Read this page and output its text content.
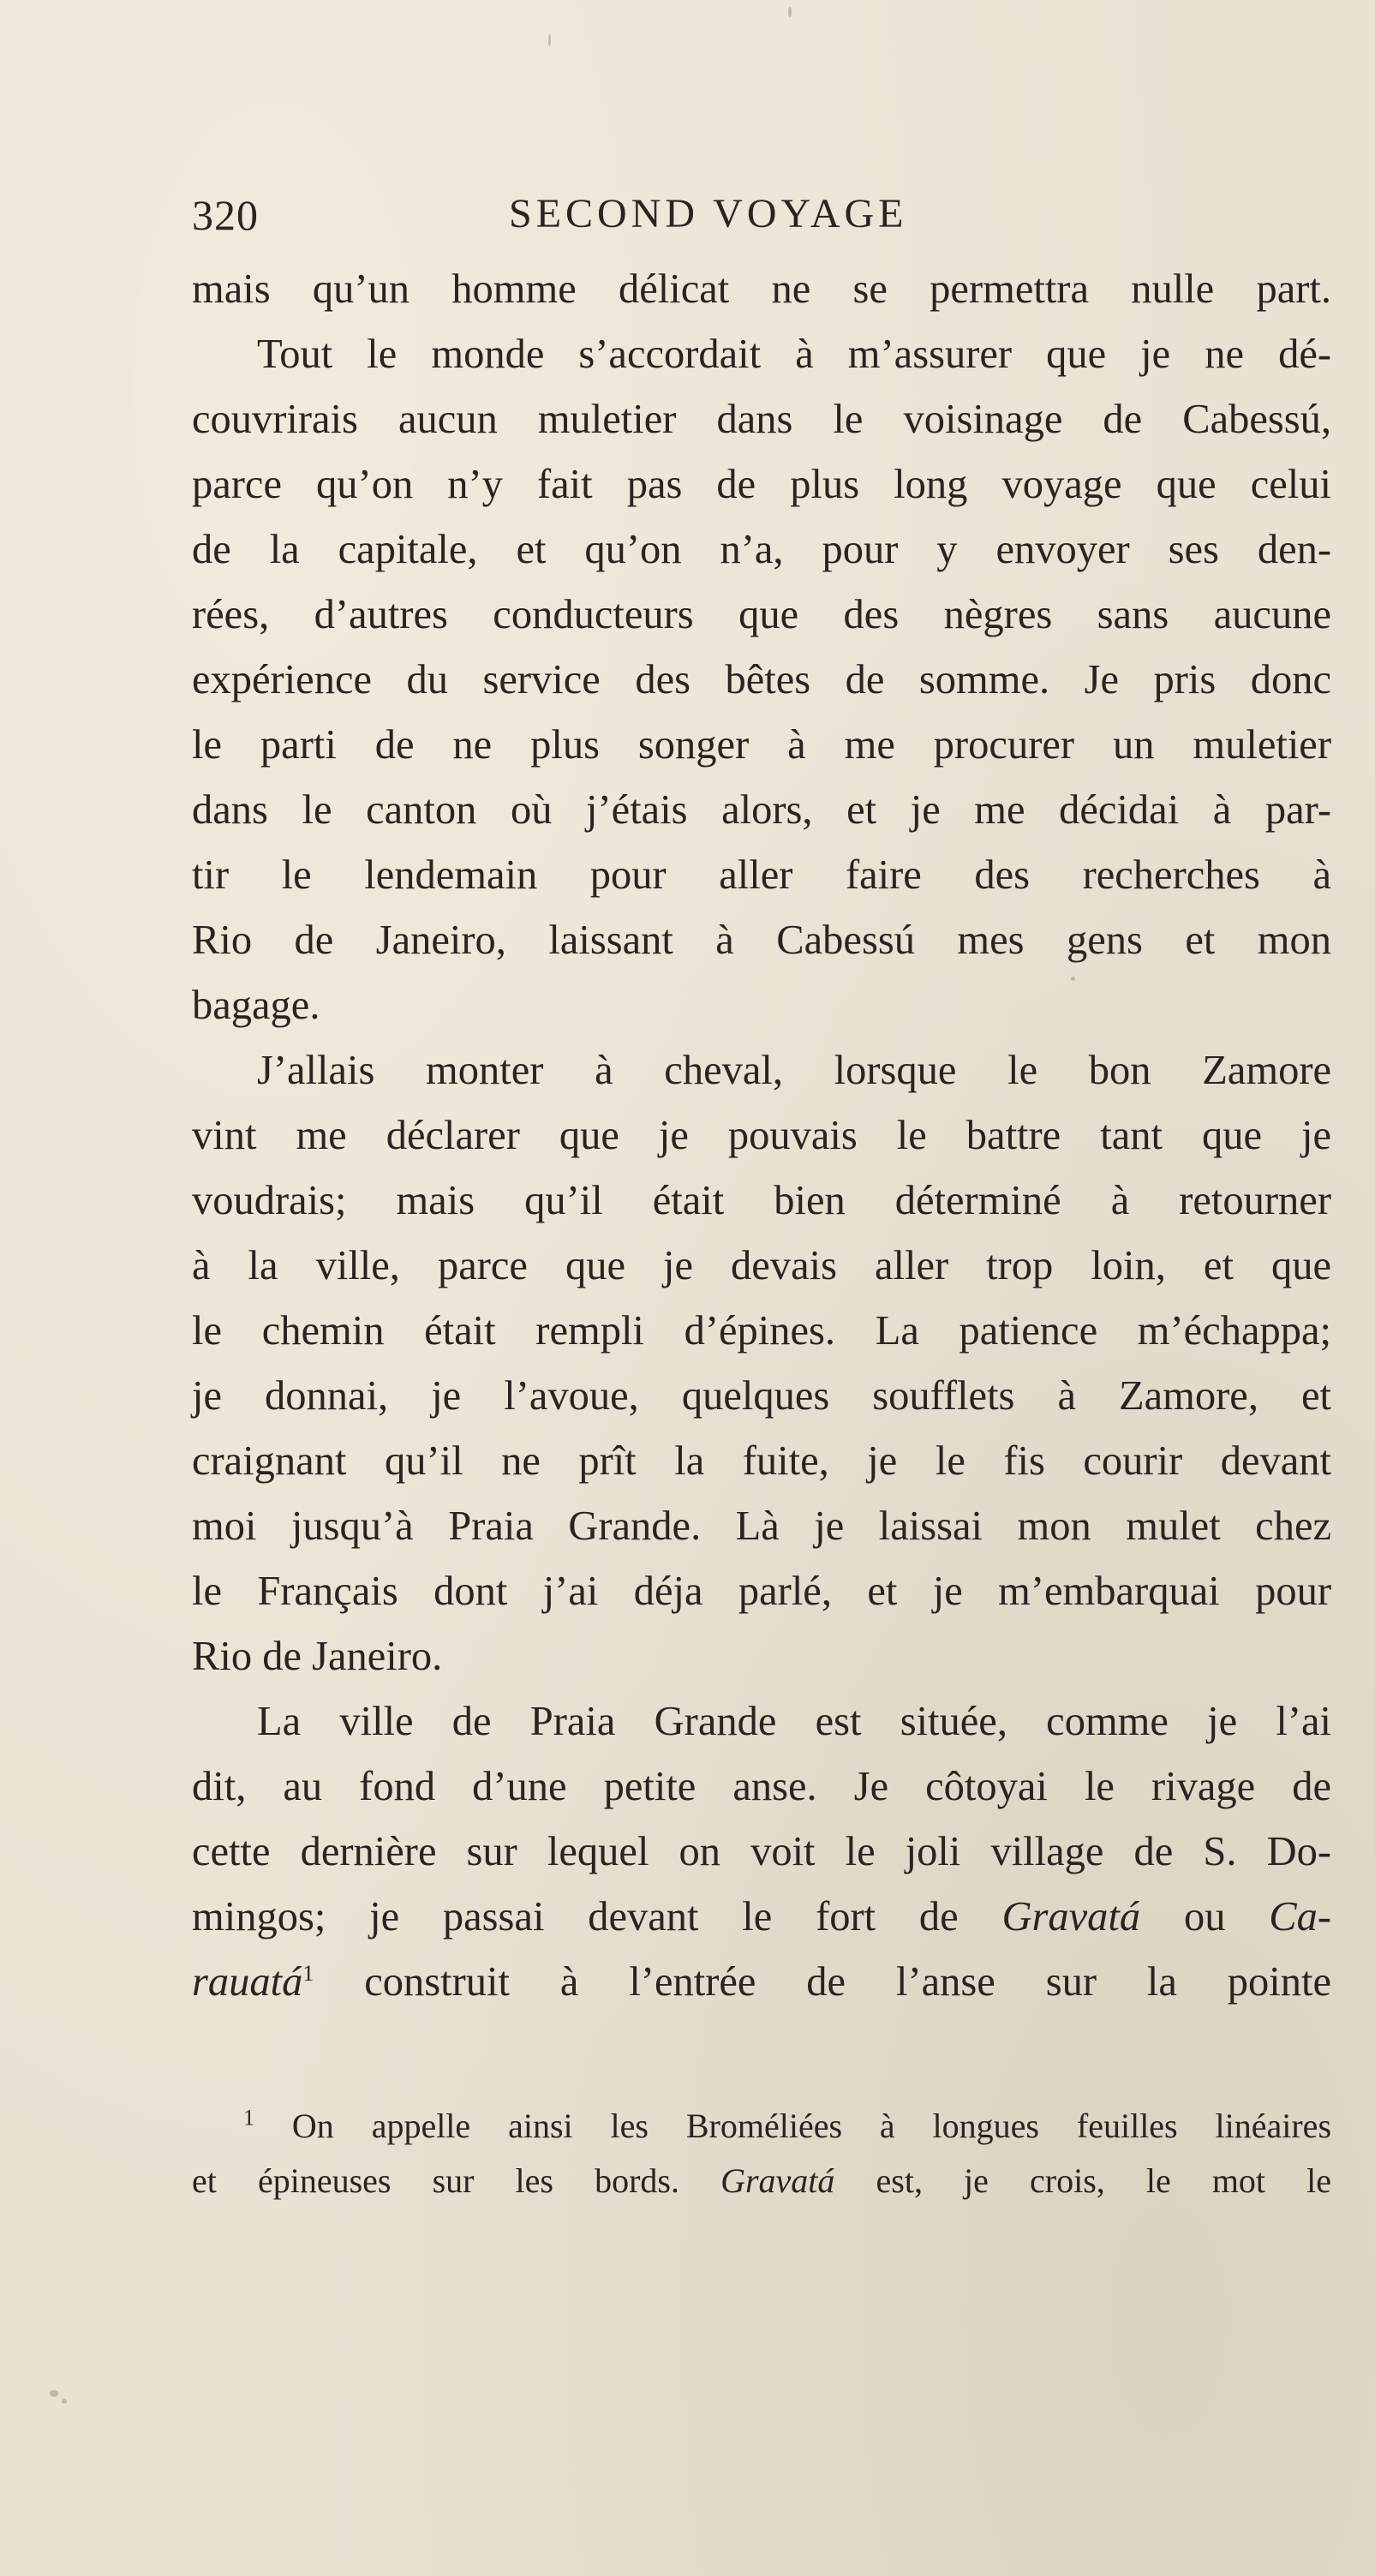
320	SECOND VOYAGE
mais qu’un homme délicat ne se permettra nulle part.
Tout le monde s’accordait à m’assurer que je ne dé-
couvrirais aucun muletier dans le voisinage de Cabessú,
parce qu’on n’y fait pas de plus long voyage que celui
de la capitale, et qu’on n’a, pour y envoyer ses den-
rées, d’autres conducteurs que des nègres sans aucune
expérience du service des bêtes de somme. Je pris donc
le parti de ne plus songer à me procurer un muletier
dans le canton où j’étais alors, et je me décidai à par-
tir le lendemain pour aller faire des recherches à
Rio de Janeiro, laissant à Cabessú mes gens et mon
bagage.
J’allais monter à cheval, lorsque le bon Zamore
vint me déclarer que je pouvais le battre tant que je
voudrais; mais qu’il était bien déterminé à retourner
à la ville, parce que je devais aller trop loin, et que
le chemin était rempli d’épines. La patience m’échappa;
je donnai, je l’avoue, quelques soufflets à Zamore, et
craignant qu’il ne prît la fuite, je le fis courir devant
moi jusqu’à Praia Grande. Là je laissai mon mulet chez
le Français dont j’ai déja parlé, et je m’embarquai pour
Rio de Janeiro.
La ville de Praia Grande est située, comme je l’ai
dit, au fond d’une petite anse. Je côtoyai le rivage de
cette dernière sur lequel on voit le joli village de S. Do-
mingos; je passai devant le fort de Gravatá ou Ca-
rauatá$^1$ construit à l’entrée de l’anse sur la pointe
$^1$ On appelle ainsi les Broméliées à longues feuilles linéaires
et épineuses sur les bords. Gravatá est, je crois, le mot le
